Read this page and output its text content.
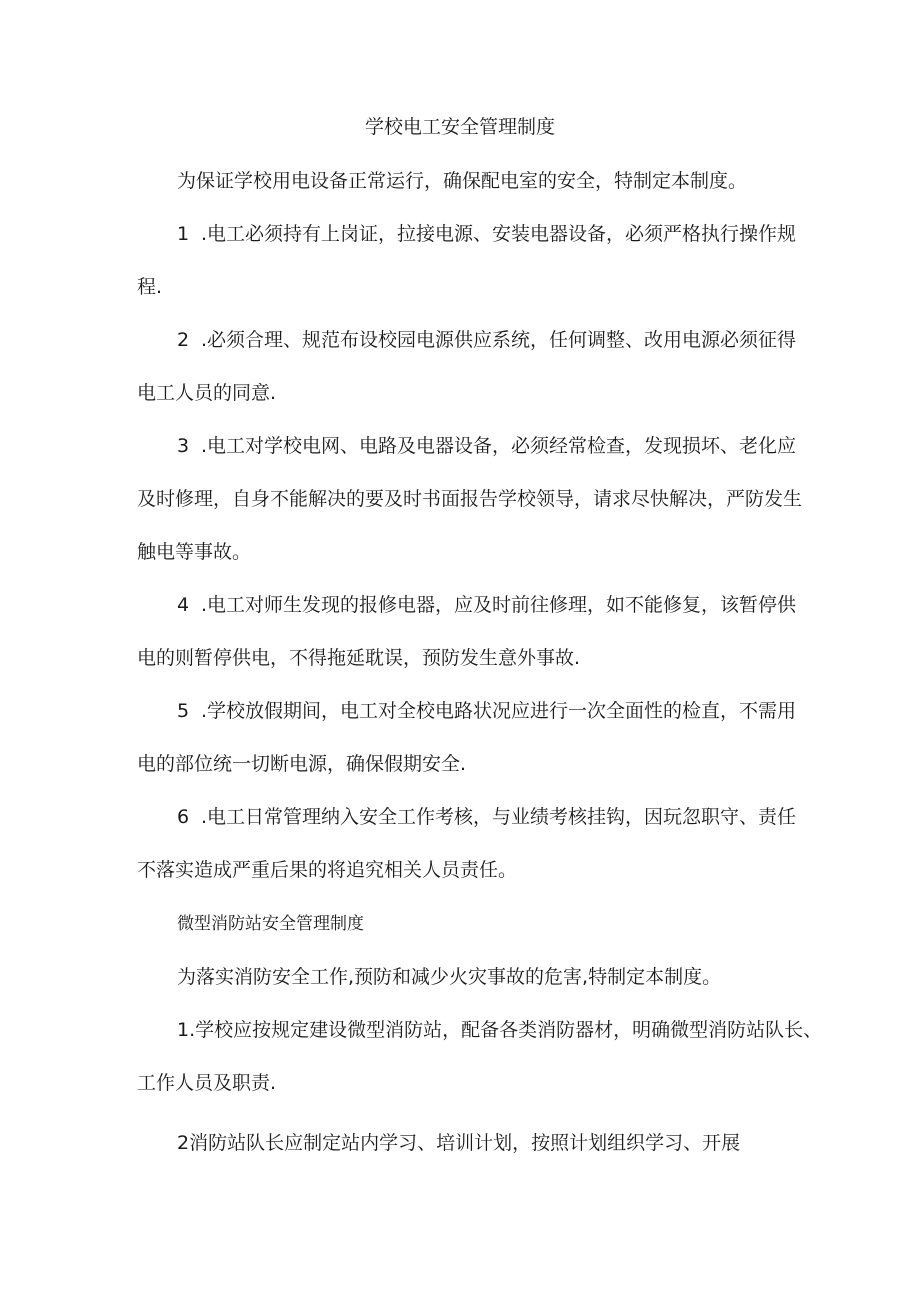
学校电工安全管理制度
为保证学校用电设备正常运行，确保配电室的安全，特制定本制度。
1 .电工必须持有上岗证，拉接电源、安装电器设备，必须严格执行操作规
程.
2 .必须合理、规范布设校园电源供应系统，任何调整、改用电源必须征得
电工人员的同意.
3 .电工对学校电网、电路及电器设备，必须经常检查，发现损坏、老化应
及时修理，自身不能解决的要及时书面报告学校领导，请求尽快解决，严防发生
触电等事故。
4 .电工对师生发现的报修电器，应及时前往修理，如不能修复，该暂停供
电的则暂停供电，不得拖延耽误，预防发生意外事故.
5 .学校放假期间，电工对全校电路状况应进行一次全面性的检直，不需用
电的部位统一切断电源，确保假期安全.
6 .电工日常管理纳入安全工作考核，与业绩考核挂钩，因玩忽职守、责任
不落实造成严重后果的将追究相关人员责任。
微型消防站安全管理制度
为落实消防安全工作,预防和减少火灾事故的危害,特制定本制度。
1.学校应按规定建设微型消防站，配备各类消防器材，明确微型消防站队长、
工作人员及职责.
2消防站队长应制定站内学习、培训计划，按照计划组织学习、开展
